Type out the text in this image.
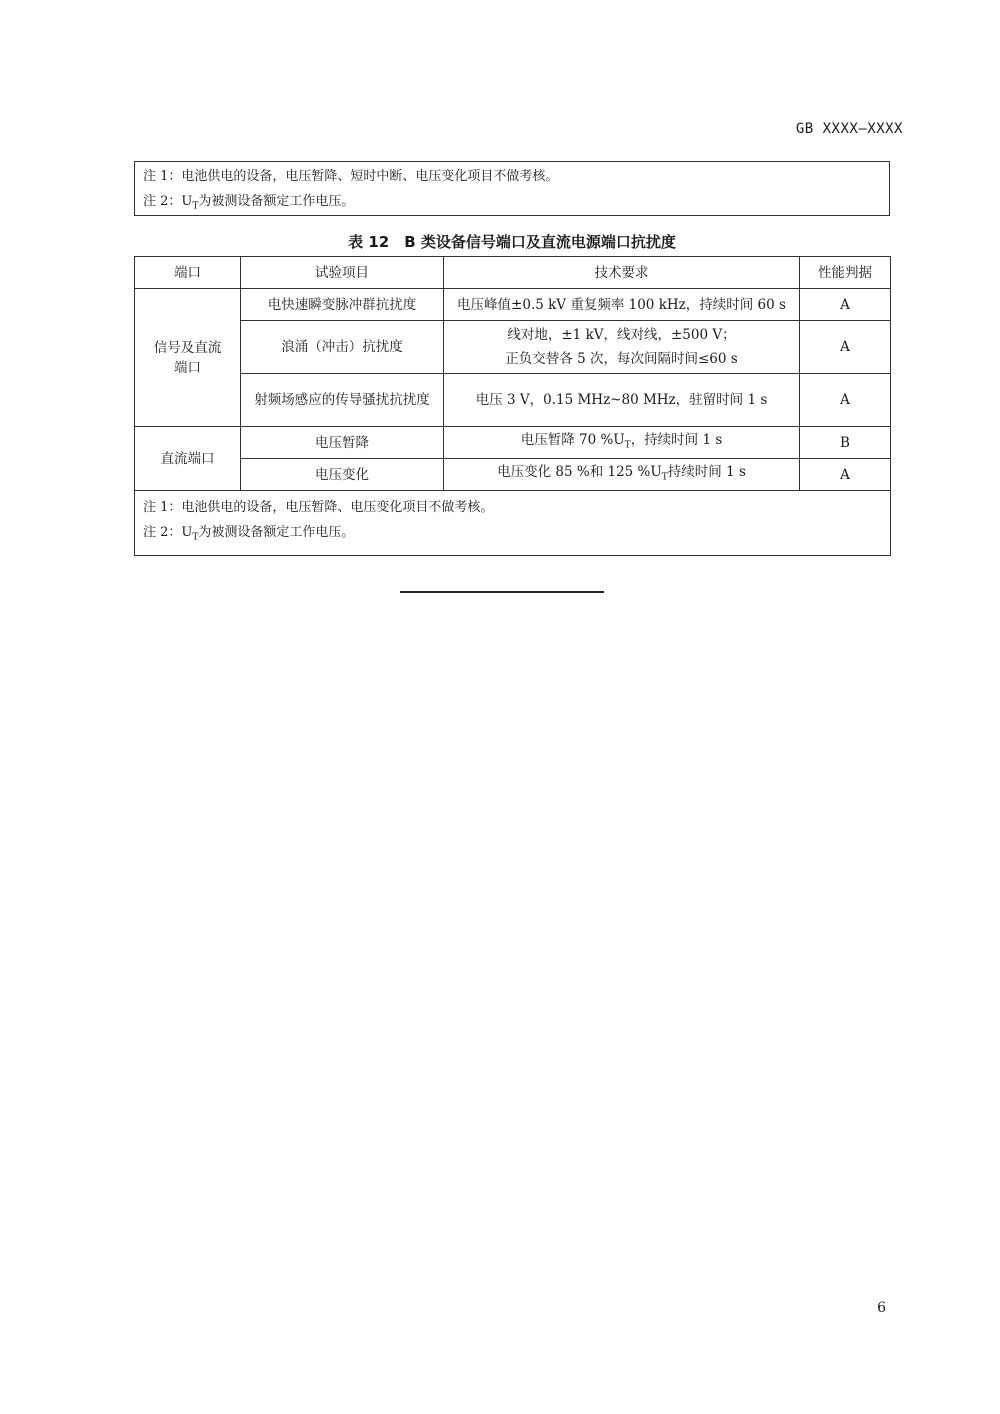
GB XXXX—XXXX
注 1：电池供电的设备，电压暂降、短时中断、电压变化项目不做考核。
注 2：$U_T$为被测设备额定工作电压。
表 12　B 类设备信号端口及直流电源端口抗扰度
端口	试验项目	技术要求	性能判据

信号及直流端口	电快速瞬变脉冲群抗扰度	电压峰值±0.5 kV 重复频率 100 kHz，持续时间 60 s	A
	浪涌（冲击）抗扰度	线对地，±1 kV，线对线，±500 V；
正负交替各 5 次，每次间隔时间≤60 s	A

	射频场感应的传导骚扰抗扰度	电压 3 V，0.15 MHz~80 MHz，驻留时间 1 s	A
直流端口	电压暂降	电压暂降 70 $\%U_T$，持续时间 1 s	B
	电压变化	电压变化 85 %和 125 $\%U_T$持续时间 1 s	A

注 1：电池供电的设备，电压暂降、电压变化项目不做考核。
注 2：$U_T$为被测设备额定工作电压。			
6
